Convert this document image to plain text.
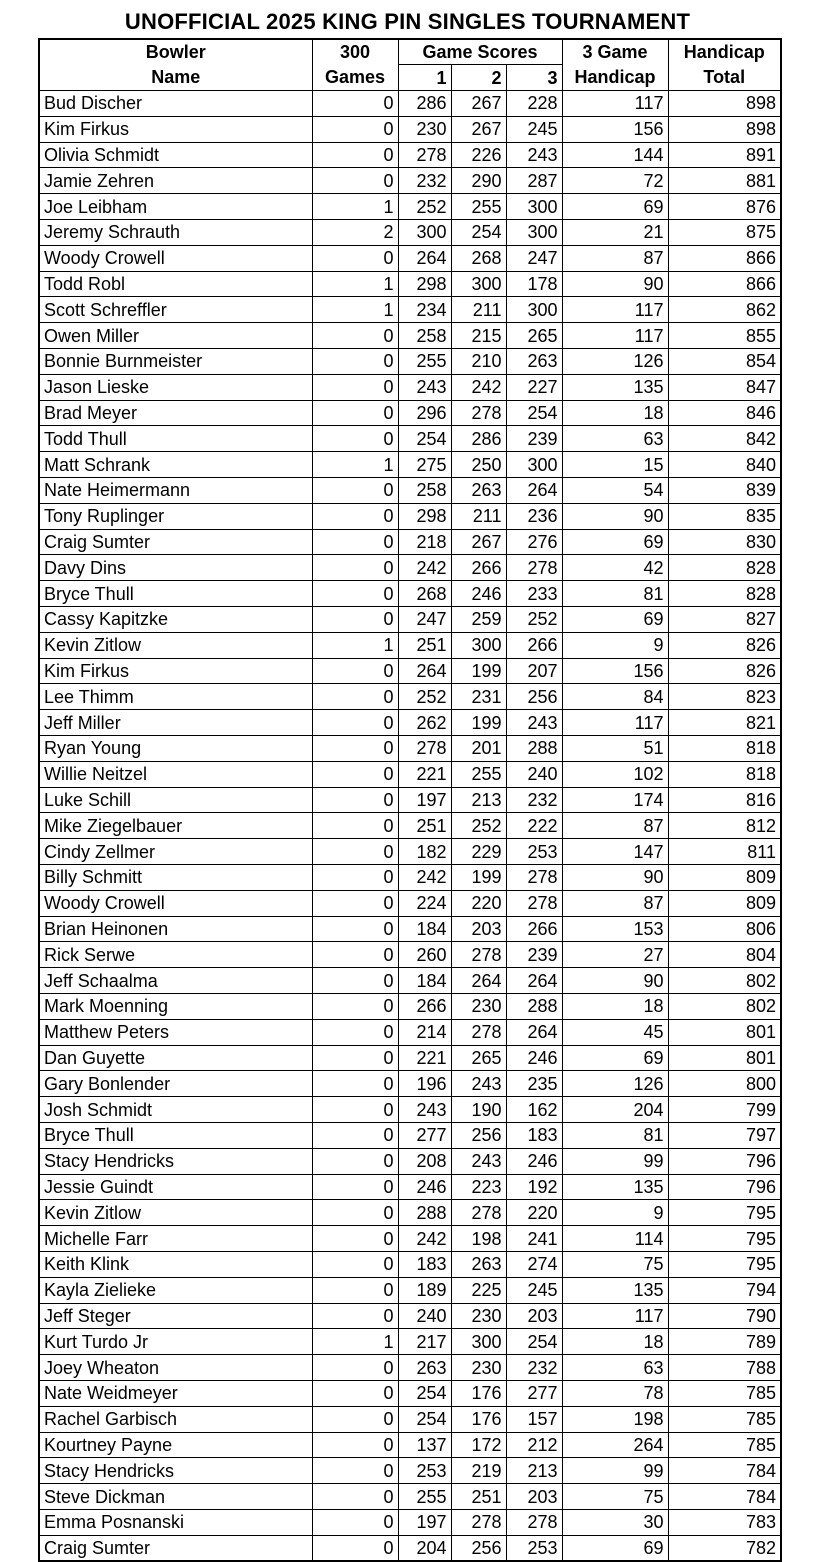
UNOFFICIAL 2025 KING PIN SINGLES TOURNAMENT
Bowler	300	Game Scores			3 Game	Handicap
Name	Games	1	2	3	Handicap	Total
Bud Discher	0	286	267	228	117	898
Kim Firkus	0	230	267	245	156	898
Olivia Schmidt	0	278	226	243	144	891
Jamie Zehren	0	232	290	287	72	881
Joe Leibham	1	252	255	300	69	876
Jeremy Schrauth	2	300	254	300	21	875
Woody Crowell	0	264	268	247	87	866
Todd Robl	1	298	300	178	90	866
Scott Schreffler	1	234	211	300	117	862
Owen Miller	0	258	215	265	117	855
Bonnie Burnmeister	0	255	210	263	126	854
Jason Lieske	0	243	242	227	135	847
Brad Meyer	0	296	278	254	18	846
Todd Thull	0	254	286	239	63	842
Matt Schrank	1	275	250	300	15	840
Nate Heimermann	0	258	263	264	54	839
Tony Ruplinger	0	298	211	236	90	835
Craig Sumter	0	218	267	276	69	830
Davy Dins	0	242	266	278	42	828
Bryce Thull	0	268	246	233	81	828
Cassy Kapitzke	0	247	259	252	69	827
Kevin Zitlow	1	251	300	266	9	826
Kim Firkus	0	264	199	207	156	826
Lee Thimm	0	252	231	256	84	823
Jeff Miller	0	262	199	243	117	821
Ryan Young	0	278	201	288	51	818
Willie Neitzel	0	221	255	240	102	818
Luke Schill	0	197	213	232	174	816
Mike Ziegelbauer	0	251	252	222	87	812
Cindy Zellmer	0	182	229	253	147	811
Billy Schmitt	0	242	199	278	90	809
Woody Crowell	0	224	220	278	87	809
Brian Heinonen	0	184	203	266	153	806
Rick Serwe	0	260	278	239	27	804
Jeff Schaalma	0	184	264	264	90	802
Mark Moenning	0	266	230	288	18	802
Matthew Peters	0	214	278	264	45	801
Dan Guyette	0	221	265	246	69	801
Gary Bonlender	0	196	243	235	126	800
Josh Schmidt	0	243	190	162	204	799
Bryce Thull	0	277	256	183	81	797
Stacy Hendricks	0	208	243	246	99	796
Jessie Guindt	0	246	223	192	135	796
Kevin Zitlow	0	288	278	220	9	795
Michelle Farr	0	242	198	241	114	795
Keith Klink	0	183	263	274	75	795
Kayla Zielieke	0	189	225	245	135	794
Jeff Steger	0	240	230	203	117	790
Kurt Turdo Jr	1	217	300	254	18	789
Joey Wheaton	0	263	230	232	63	788
Nate Weidmeyer	0	254	176	277	78	785
Rachel Garbisch	0	254	176	157	198	785
Kourtney Payne	0	137	172	212	264	785
Stacy Hendricks	0	253	219	213	99	784
Steve Dickman	0	255	251	203	75	784
Emma Posnanski	0	197	278	278	30	783
Craig Sumter	0	204	256	253	69	782
